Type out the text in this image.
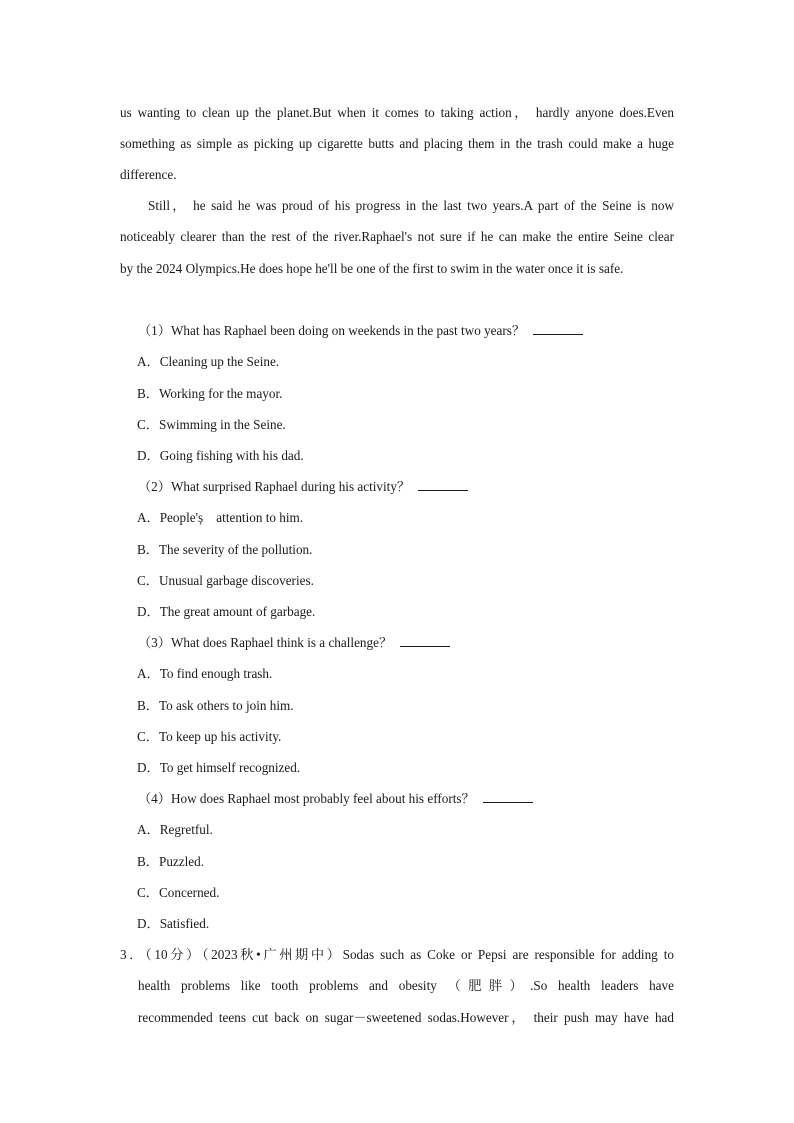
us wanting to clean up the planet.But when it comes to taking action， hardly anyone does.Even
something as simple as picking up cigarette butts and placing them in the trash could make a huge
difference.
Still， he said he was proud of his progress in the last two years.A part of the Seine is now
noticeably clearer than the rest of the river.Raphael's not sure if he can make the entire Seine clear
by the 2024 Olympics.He does hope he'll be one of the first to swim in the water once it is safe.
（1）What has Raphael been doing on weekends in the past two years？
A．Cleaning up the Seine.
B．Working for the mayor.
C．Swimming in the Seine.
D．Going fishing with his dad.
（2）What surprised Raphael during his activity？
A．People'ș　attention to him.
B．The severity of the pollution.
C．Unusual garbage discoveries.
D．The great amount of garbage.
（3）What does Raphael think is a challenge？
A．To find enough trash.
B．To ask others to join him.
C．To keep up his activity.
D．To get himself recognized.
（4）How does Raphael most probably feel about his efforts？
A．Regretful.
B．Puzzled.
C．Concerned.
D．Satisfied.
3．（10分）（2023秋•广州期中）Sodas such as Coke or Pepsi are responsible for adding to
health problems like tooth problems and obesity （肥胖）.So health leaders have
recommended teens cut back on sugar－sweetened sodas.However， their push may have had
